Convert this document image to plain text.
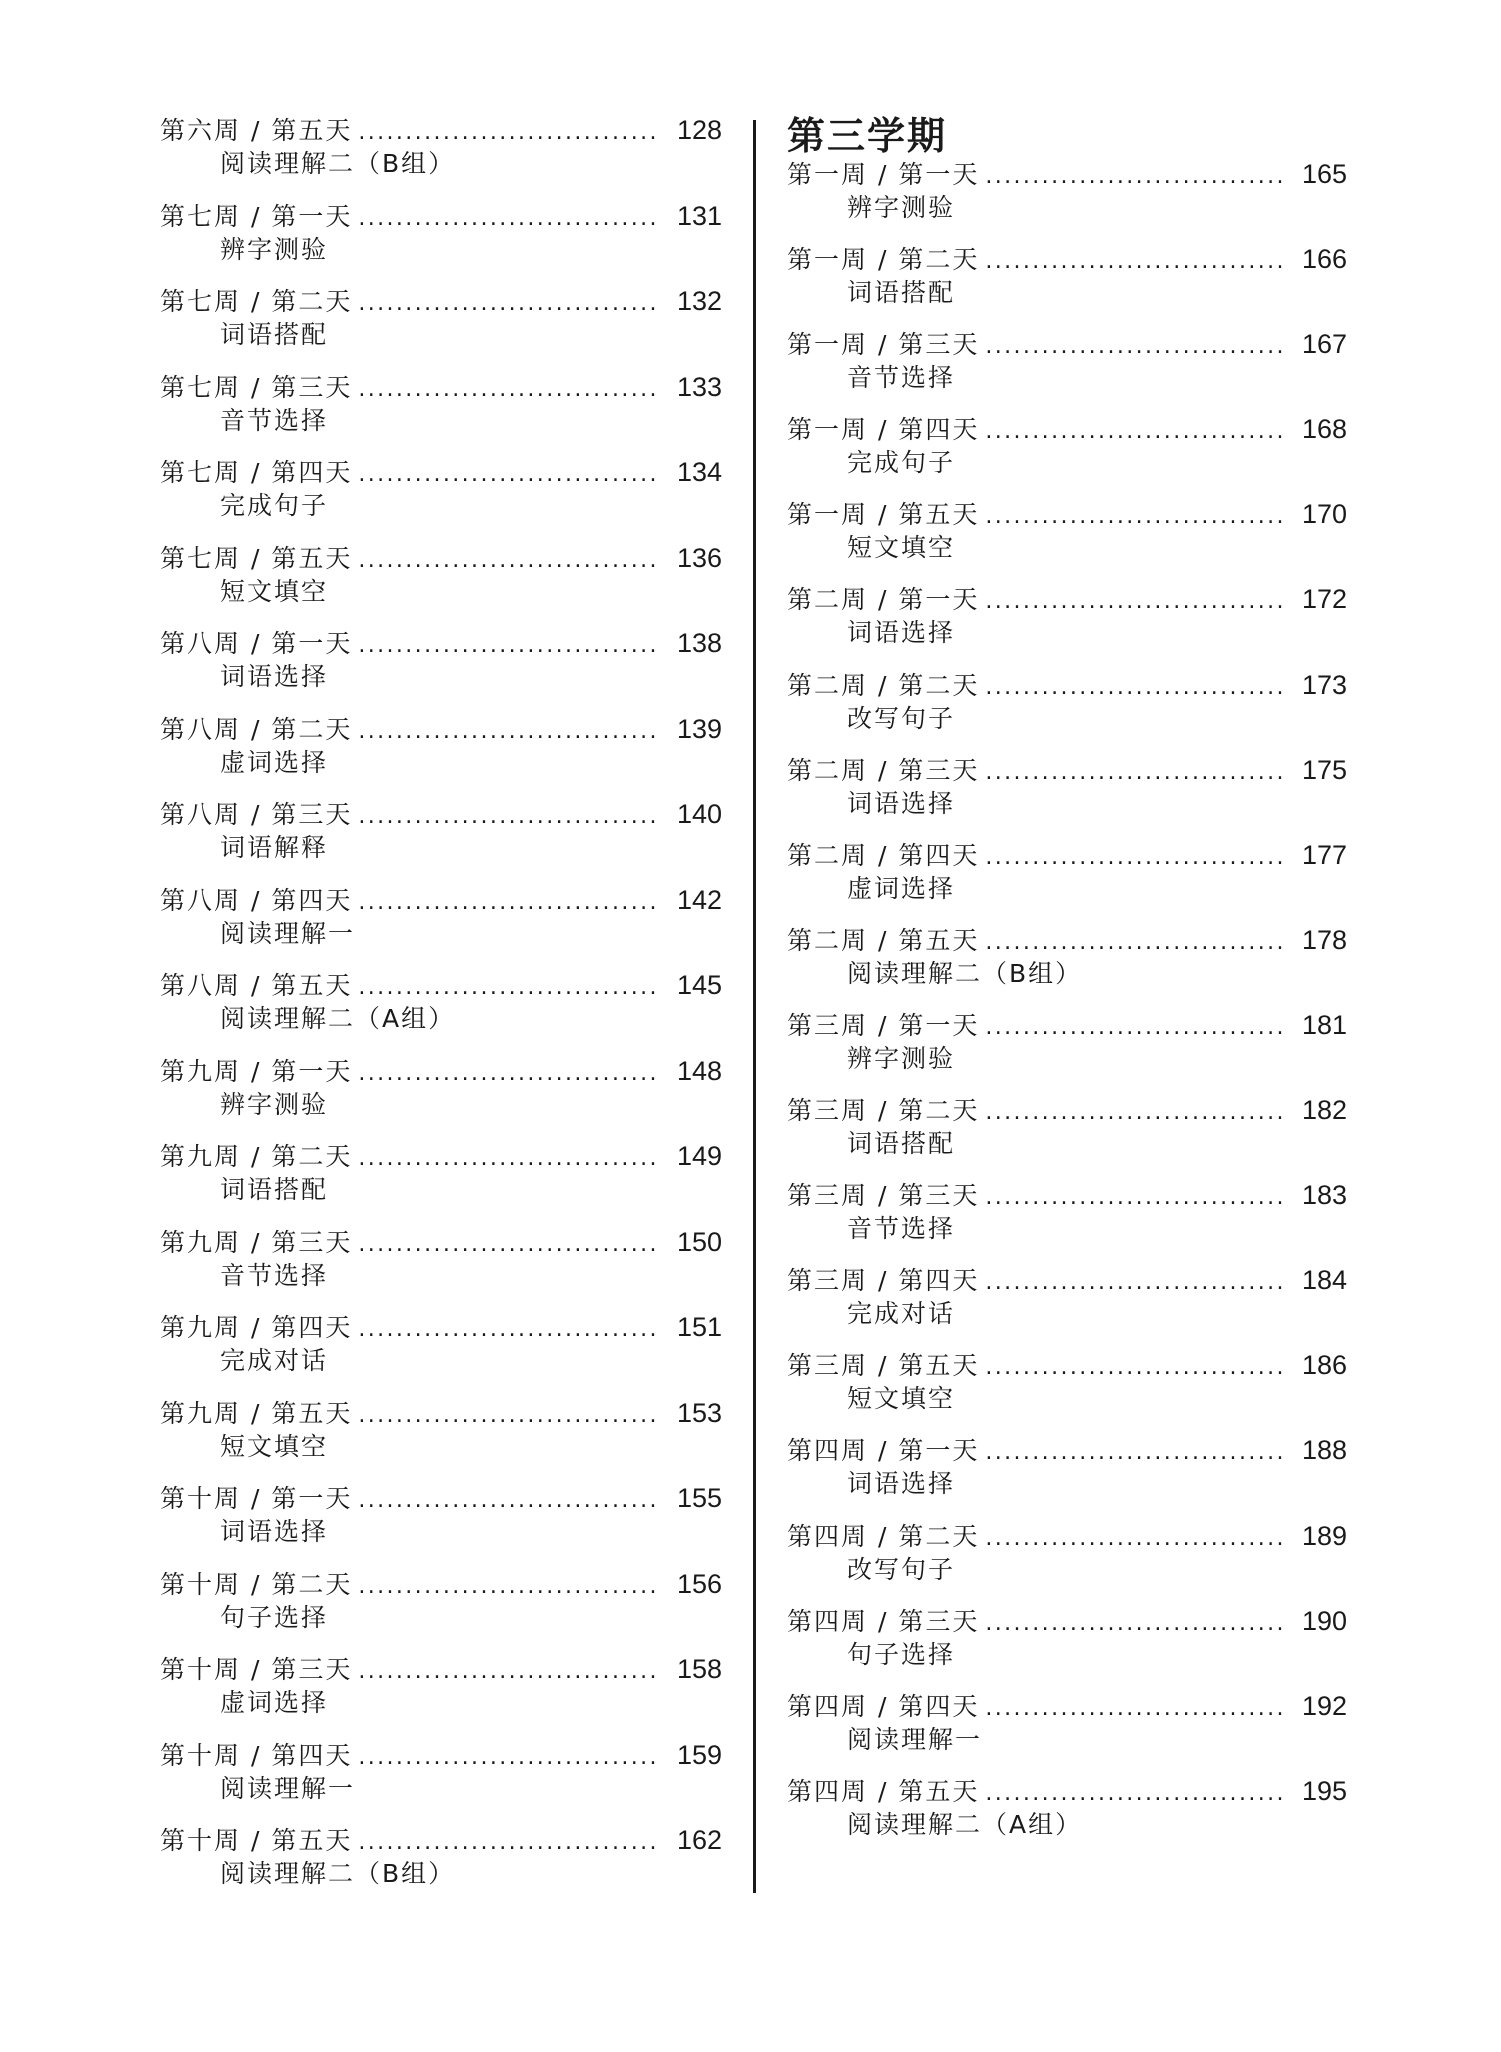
第六周 / 第五天 .....	128
阅读理解二（B组）
第七周 / 第一天 .....	131
辨字测验
第七周 / 第二天 .....	132
词语搭配
第七周 / 第三天 .....	133
音节选择
第七周 / 第四天 .....	134
完成句子
第七周 / 第五天 .....	136
短文填空
第八周 / 第一天 .....	138
词语选择
第八周 / 第二天 .....	139
虚词选择
第八周 / 第三天 .....	140
词语解释
第八周 / 第四天 .....	142
阅读理解一
第八周 / 第五天 .....	145
阅读理解二（A组）
第九周 / 第一天 .....	148
辨字测验
第九周 / 第二天 .....	149
词语搭配
第九周 / 第三天 .....	150
音节选择
第九周 / 第四天 .....	151
完成对话
第九周 / 第五天 .....	153
短文填空
第十周 / 第一天 .....	155
词语选择
第十周 / 第二天 .....	156
句子选择
第十周 / 第三天 .....	158
虚词选择
第十周 / 第四天 .....	159
阅读理解一
第十周 / 第五天 .....	162
阅读理解二（B组）
第三学期
第一周 / 第一天 .....	165
辨字测验
第一周 / 第二天 .....	166
词语搭配
第一周 / 第三天 .....	167
音节选择
第一周 / 第四天 .....	168
完成句子
第一周 / 第五天 .....	170
短文填空
第二周 / 第一天 .....	172
词语选择
第二周 / 第二天 .....	173
改写句子
第二周 / 第三天 .....	175
词语选择
第二周 / 第四天 .....	177
虚词选择
第二周 / 第五天 .....	178
阅读理解二（B组）
第三周 / 第一天 .....	181
辨字测验
第三周 / 第二天 .....	182
词语搭配
第三周 / 第三天 .....	183
音节选择
第三周 / 第四天 .....	184
完成对话
第三周 / 第五天 .....	186
短文填空
第四周 / 第一天 .....	188
词语选择
第四周 / 第二天 .....	189
改写句子
第四周 / 第三天 .....	190
句子选择
第四周 / 第四天 .....	192
阅读理解一
第四周 / 第五天 .....	195
阅读理解二（A组）
